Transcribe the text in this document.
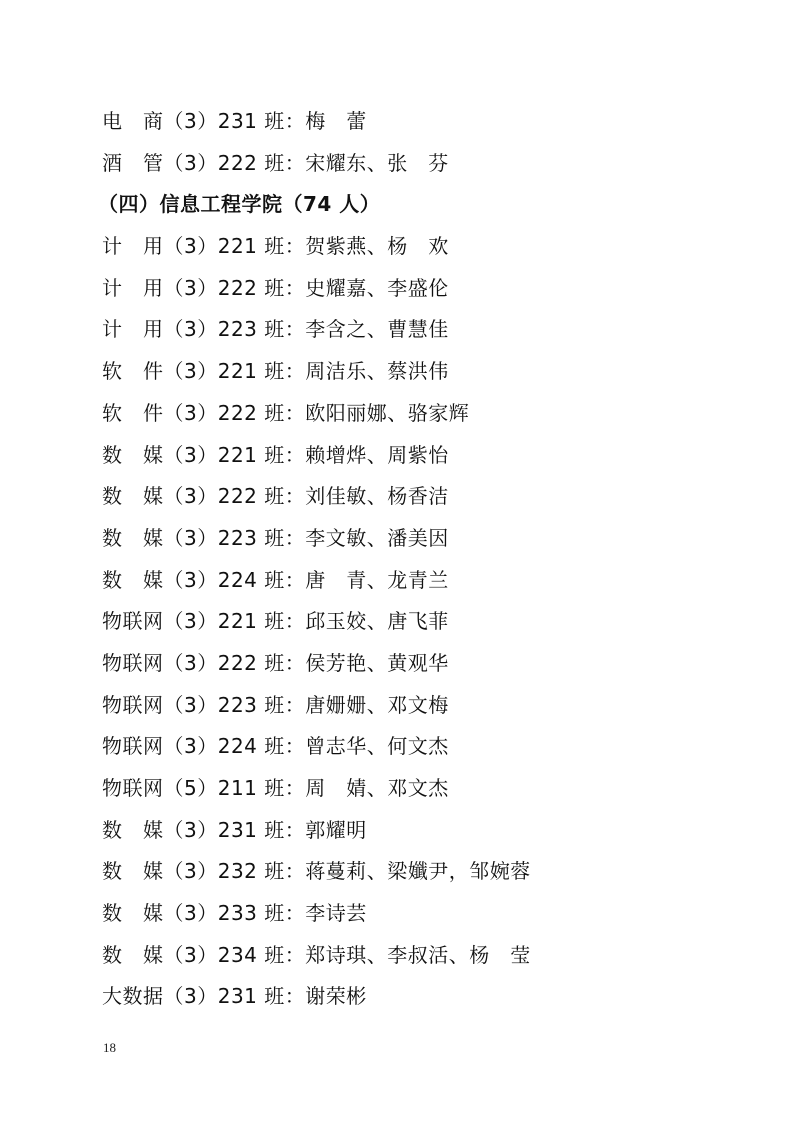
电　商（3）231 班：梅　蕾
酒　管（3）222 班：宋耀东、张　芬
（四）信息工程学院（74 人）
计　用（3）221 班：贺紫燕、杨　欢
计　用（3）222 班：史耀嘉、李盛伦
计　用（3）223 班：李含之、曹慧佳
软　件（3）221 班：周洁乐、蔡洪伟
软　件（3）222 班：欧阳丽娜、骆家辉
数　媒（3）221 班：赖增烨、周紫怡
数　媒（3）222 班：刘佳敏、杨香洁
数　媒（3）223 班：李文敏、潘美因
数　媒（3）224 班：唐　青、龙青兰
物联网（3）221 班：邱玉姣、唐飞菲
物联网（3）222 班：侯芳艳、黄观华
物联网（3）223 班：唐姗姗、邓文梅
物联网（3）224 班：曾志华、何文杰
物联网（5）211 班：周　婧、邓文杰
数　媒（3）231 班：郭耀明
数　媒（3）232 班：蒋蔓莉、梁孅尹，邹婉蓉
数　媒（3）233 班：李诗芸
数　媒（3）234 班：郑诗琪、李叔活、杨　莹
大数据（3）231 班：谢荣彬
18
